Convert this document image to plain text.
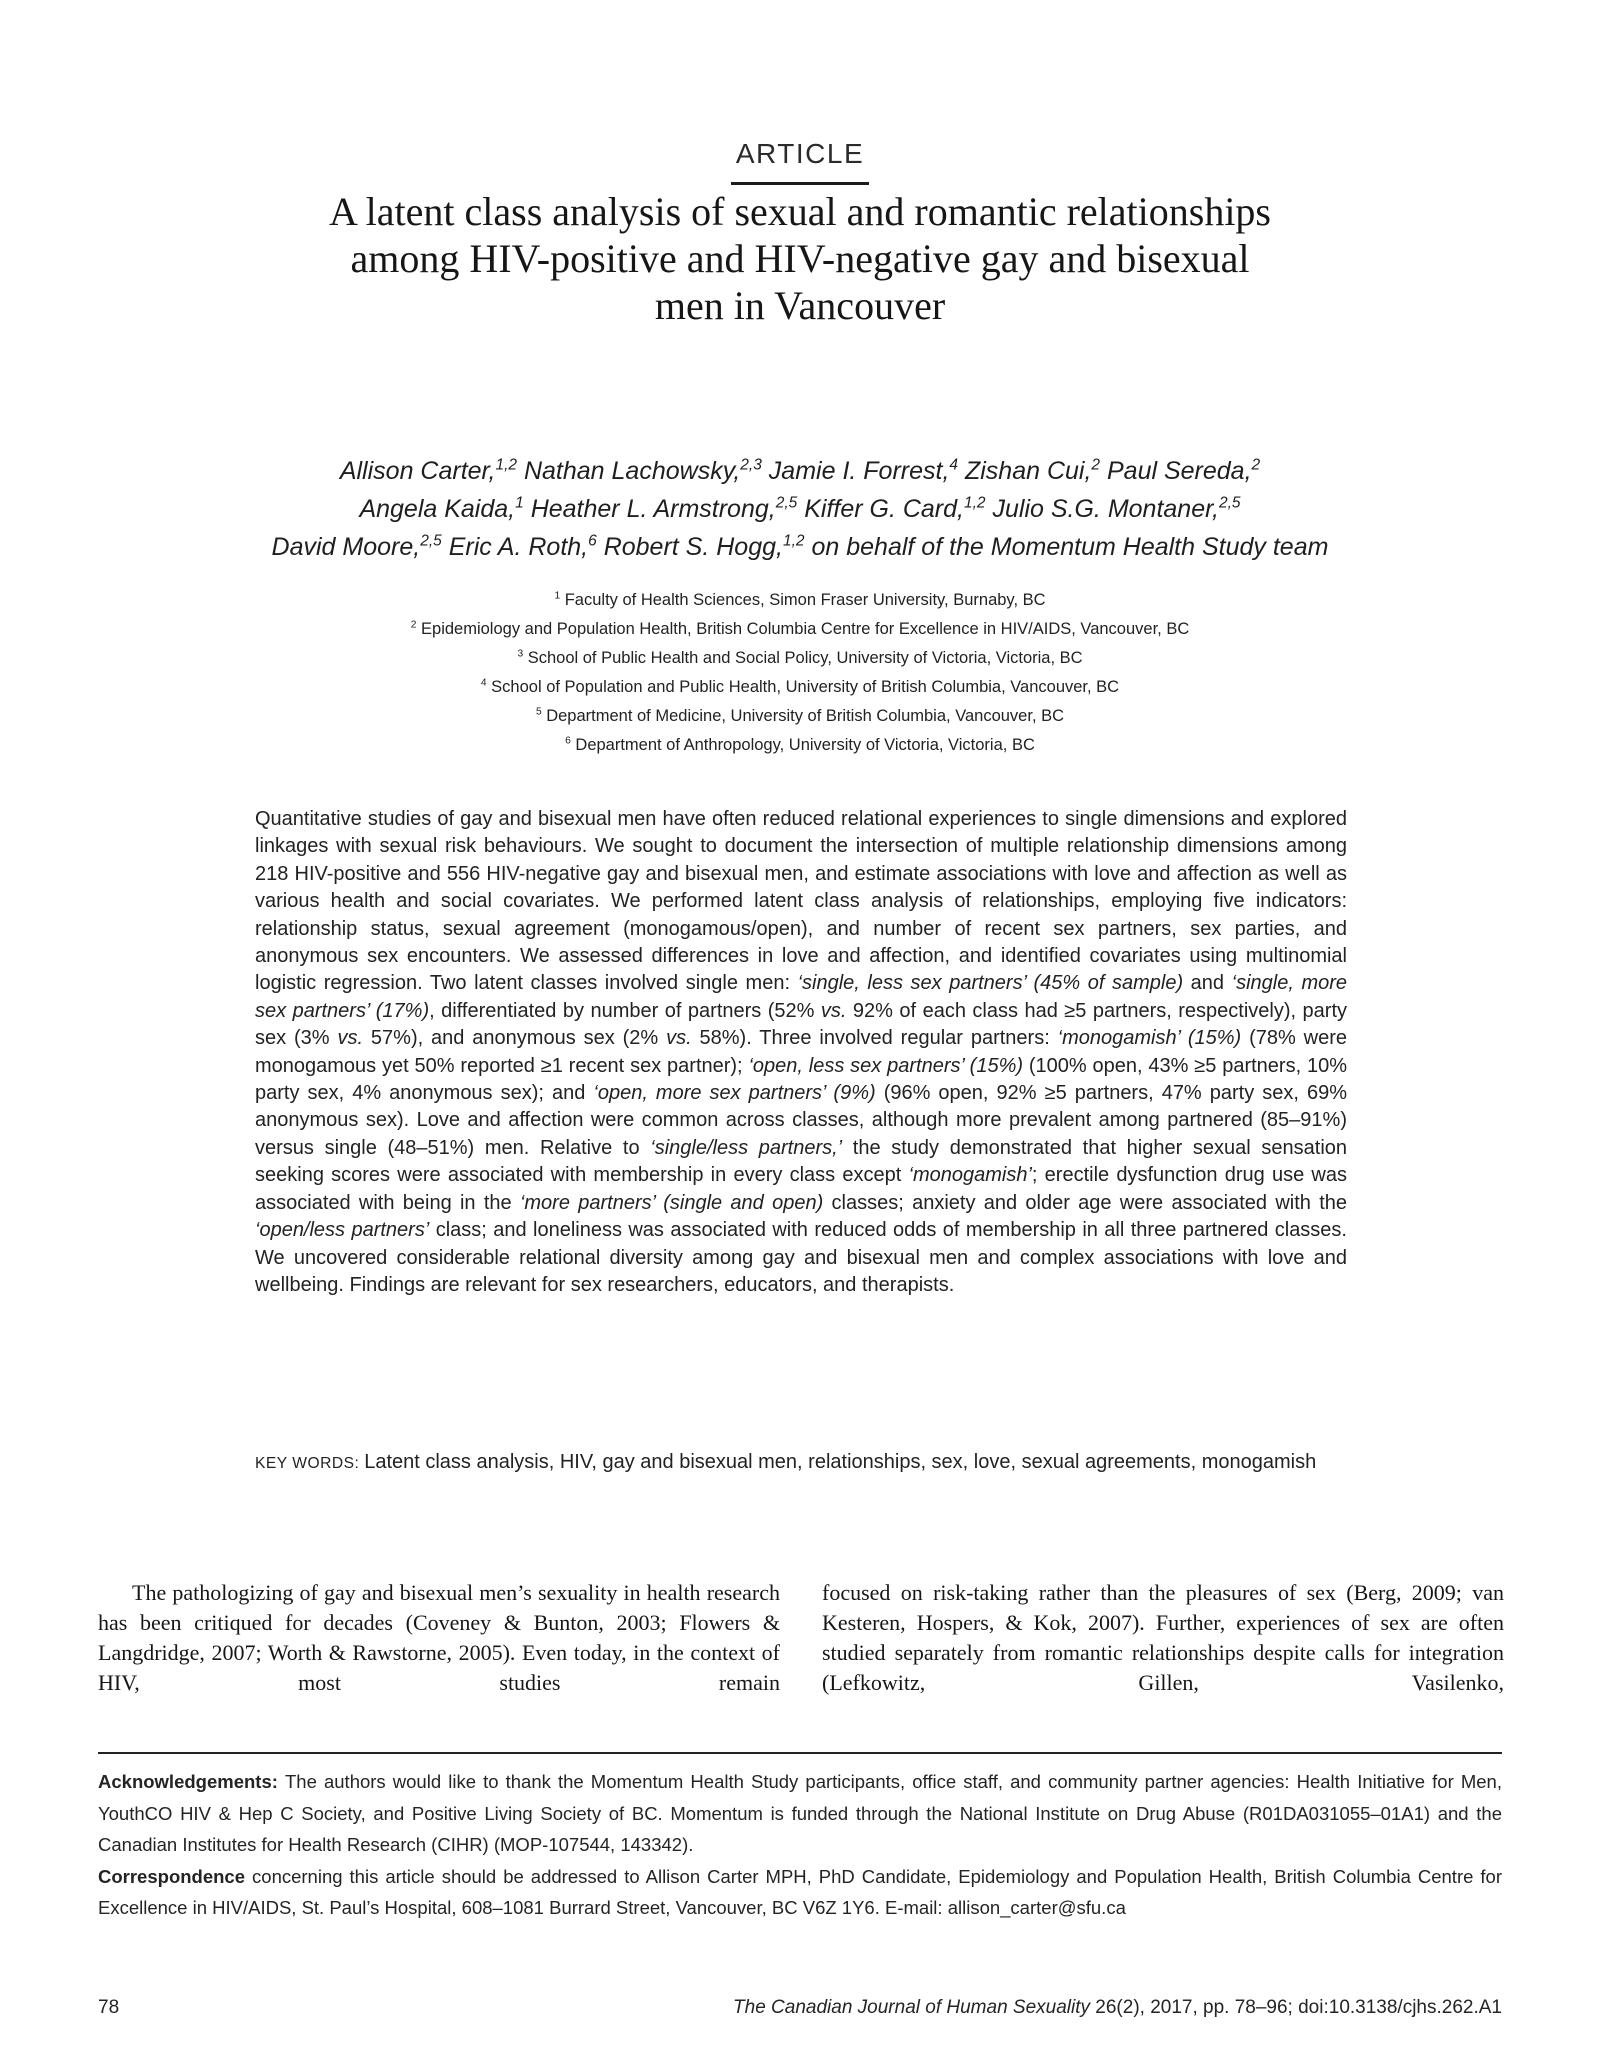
ARTICLE
A latent class analysis of sexual and romantic relationships
among HIV-positive and HIV-negative gay and bisexual
men in Vancouver
Allison Carter,$^{1,2}$ Nathan Lachowsky,$^{2,3}$ Jamie I. Forrest,$^4$ Zishan Cui,$^2$ Paul Sereda,$^2$
Angela Kaida,$^1$ Heather L. Armstrong,$^{2,5}$ Kiffer G. Card,$^{1,2}$ Julio S.G. Montaner,$^{2,5}$
David Moore,$^{2,5}$ Eric A. Roth,$^6$ Robert S. Hogg,$^{1,2}$ on behalf of the Momentum Health Study team
$^1$ Faculty of Health Sciences, Simon Fraser University, Burnaby, BC
$^2$ Epidemiology and Population Health, British Columbia Centre for Excellence in HIV/AIDS, Vancouver, BC
$^3$ School of Public Health and Social Policy, University of Victoria, Victoria, BC
$^4$ School of Population and Public Health, University of British Columbia, Vancouver, BC
$^5$ Department of Medicine, University of British Columbia, Vancouver, BC
$^6$ Department of Anthropology, University of Victoria, Victoria, BC
Quantitative studies of gay and bisexual men have often reduced relational experiences to single dimensions and explored linkages with sexual risk behaviours. We sought to document the intersection of multiple relationship dimensions among 218 HIV-positive and 556 HIV-negative gay and bisexual men, and estimate associations with love and affection as well as various health and social covariates. We performed latent class analysis of relationships, employing five indicators: relationship status, sexual agreement (monogamous/open), and number of recent sex partners, sex parties, and anonymous sex encounters. We assessed differences in love and affection, and identified covariates using multinomial logistic regression. Two latent classes involved single men: ‘single, less sex partners’ (45% of sample) and ‘single, more sex partners’ (17%), differentiated by number of partners (52% vs. 92% of each class had ≥5 partners, respectively), party sex (3% vs. 57%), and anonymous sex (2% vs. 58%). Three involved regular partners: ‘monogamish’ (15%) (78% were monogamous yet 50% reported ≥1 recent sex partner); ‘open, less sex partners’ (15%) (100% open, 43% ≥5 partners, 10% party sex, 4% anonymous sex); and ‘open, more sex partners’ (9%) (96% open, 92% ≥5 partners, 47% party sex, 69% anonymous sex). Love and affection were common across classes, although more prevalent among partnered (85–91%) versus single (48–51%) men. Relative to ‘single/less partners,’ the study demonstrated that higher sexual sensation seeking scores were associated with membership in every class except ‘monogamish’; erectile dysfunction drug use was associated with being in the ‘more partners’ (single and open) classes; anxiety and older age were associated with the ‘open/less partners’ class; and loneliness was associated with reduced odds of membership in all three partnered classes. We uncovered considerable relational diversity among gay and bisexual men and complex associations with love and wellbeing. Findings are relevant for sex researchers, educators, and therapists.
KEY WORDS: Latent class analysis, HIV, gay and bisexual men, relationships, sex, love, sexual agreements, monogamish
The pathologizing of gay and bisexual men’s sexuality in health research has been critiqued for decades (Coveney & Bunton, 2003; Flowers & Langdridge, 2007; Worth & Rawstorne, 2005). Even today, in the context of HIV, most studies remain
focused on risk-taking rather than the pleasures of sex (Berg, 2009; van Kesteren, Hospers, & Kok, 2007). Further, experiences of sex are often studied separately from romantic relationships despite calls for integration (Lefkowitz, Gillen, Vasilenko,

Acknowledgements: The authors would like to thank the Momentum Health Study participants, office staff, and community partner agencies: Health Initiative for Men, YouthCO HIV & Hep C Society, and Positive Living Society of BC. Momentum is funded through the National Institute on Drug Abuse (R01DA031055–01A1) and the Canadian Institutes for Health Research (CIHR) (MOP-107544, 143342).

Correspondence concerning this article should be addressed to Allison Carter MPH, PhD Candidate, Epidemiology and Population Health, British Columbia Centre for Excellence in HIV/AIDS, St. Paul’s Hospital, 608–1081 Burrard Street, Vancouver, BC V6Z 1Y6. E-mail: allison_carter@sfu.ca

78	The Canadian Journal of Human Sexuality 26(2), 2017, pp. 78–96; doi:10.3138/cjhs.262.A1
